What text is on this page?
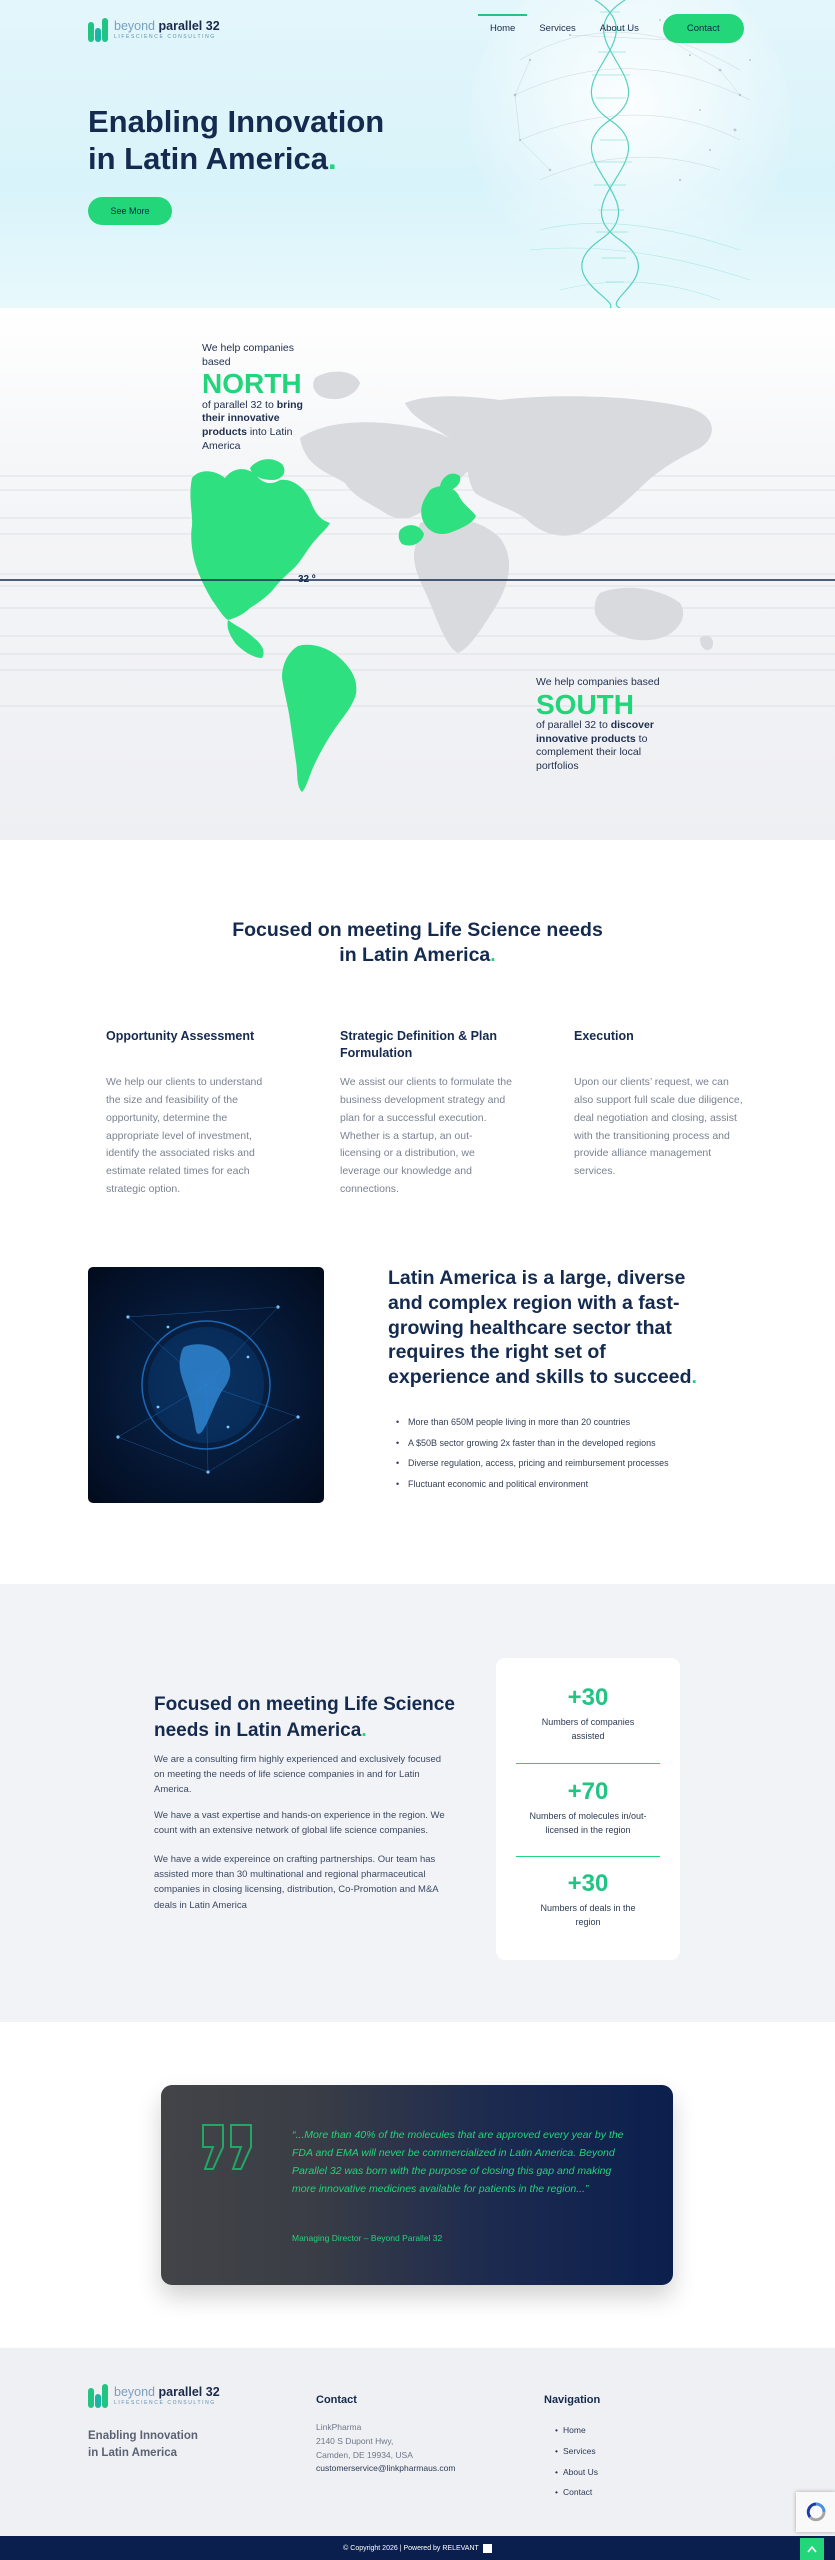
beyond parallel 32
LIFESCIENCE CONSULTING
Home	Services	About Us	Contact
Enabling Innovation
in Latin America.
See More
32 º
We help companies based
NORTH
of parallel 32 to bring their innovative products into Latin America
We help companies based
SOUTH
of parallel 32 to discover innovative products to complement their local portfolios
Focused on meeting Life Science needs
in Latin America.
Opportunity Assessment

We help our clients to understand the size and feasibility of the opportunity, determine the appropriate level of investment, identify the associated risks and estimate related times for each strategic option.

Strategic Definition & Plan Formulation

We assist our clients to formulate the business development strategy and plan for a successful execution. Whether is a startup, an out-licensing or a distribution, we leverage our knowledge and connections.

Execution

Upon our clients’ request, we can also support full scale due diligence, deal negotiation and closing, assist with the transitioning process and provide alliance management services.

Latin America is a large, diverse and complex region with a fast-growing healthcare sector that requires the right set of experience and skills to succeed.
• More than 650M people living in more than 20 countries
• A $50B sector growing 2x faster than in the developed regions
• Diverse regulation, access, pricing and reimbursement processes
• Fluctuant economic and political environment
Focused on meeting Life Science needs in Latin America.

We are a consulting firm highly experienced and exclusively focused on meeting the needs of life science companies in and for Latin America.

We have a vast expertise and hands-on experience in the region. We count with an extensive network of global life science companies.

We have a wide expereince on crafting partnerships. Our team has assisted more than 30 multinational and regional pharmaceutical companies in closing licensing, distribution, Co-Promotion and M&A deals in Latin America

+30
Numbers of companies assisted
+70
Numbers of molecules in/out-licensed in the region
+30
Numbers of deals in the region

“...More than 40% of the molecules that are approved every year by the FDA and EMA will never be commercialized in Latin America. Beyond Parallel 32 was born with the purpose of closing this gap and making more innovative medicines available for patients in the region...”

Managing Director – Beyond Parallel 32

beyond parallel 32
LIFESCIENCE CONSULTING
Enabling Innovation
in Latin America
Contact
LinkPharma
2140 S Dupont Hwy,
Camden, DE 19934, USA
customerservice@linkpharmaus.com
Navigation
• Home
• Services
• About Us
• Contact
© Copyright 2026 | Powered by RELEVANT
